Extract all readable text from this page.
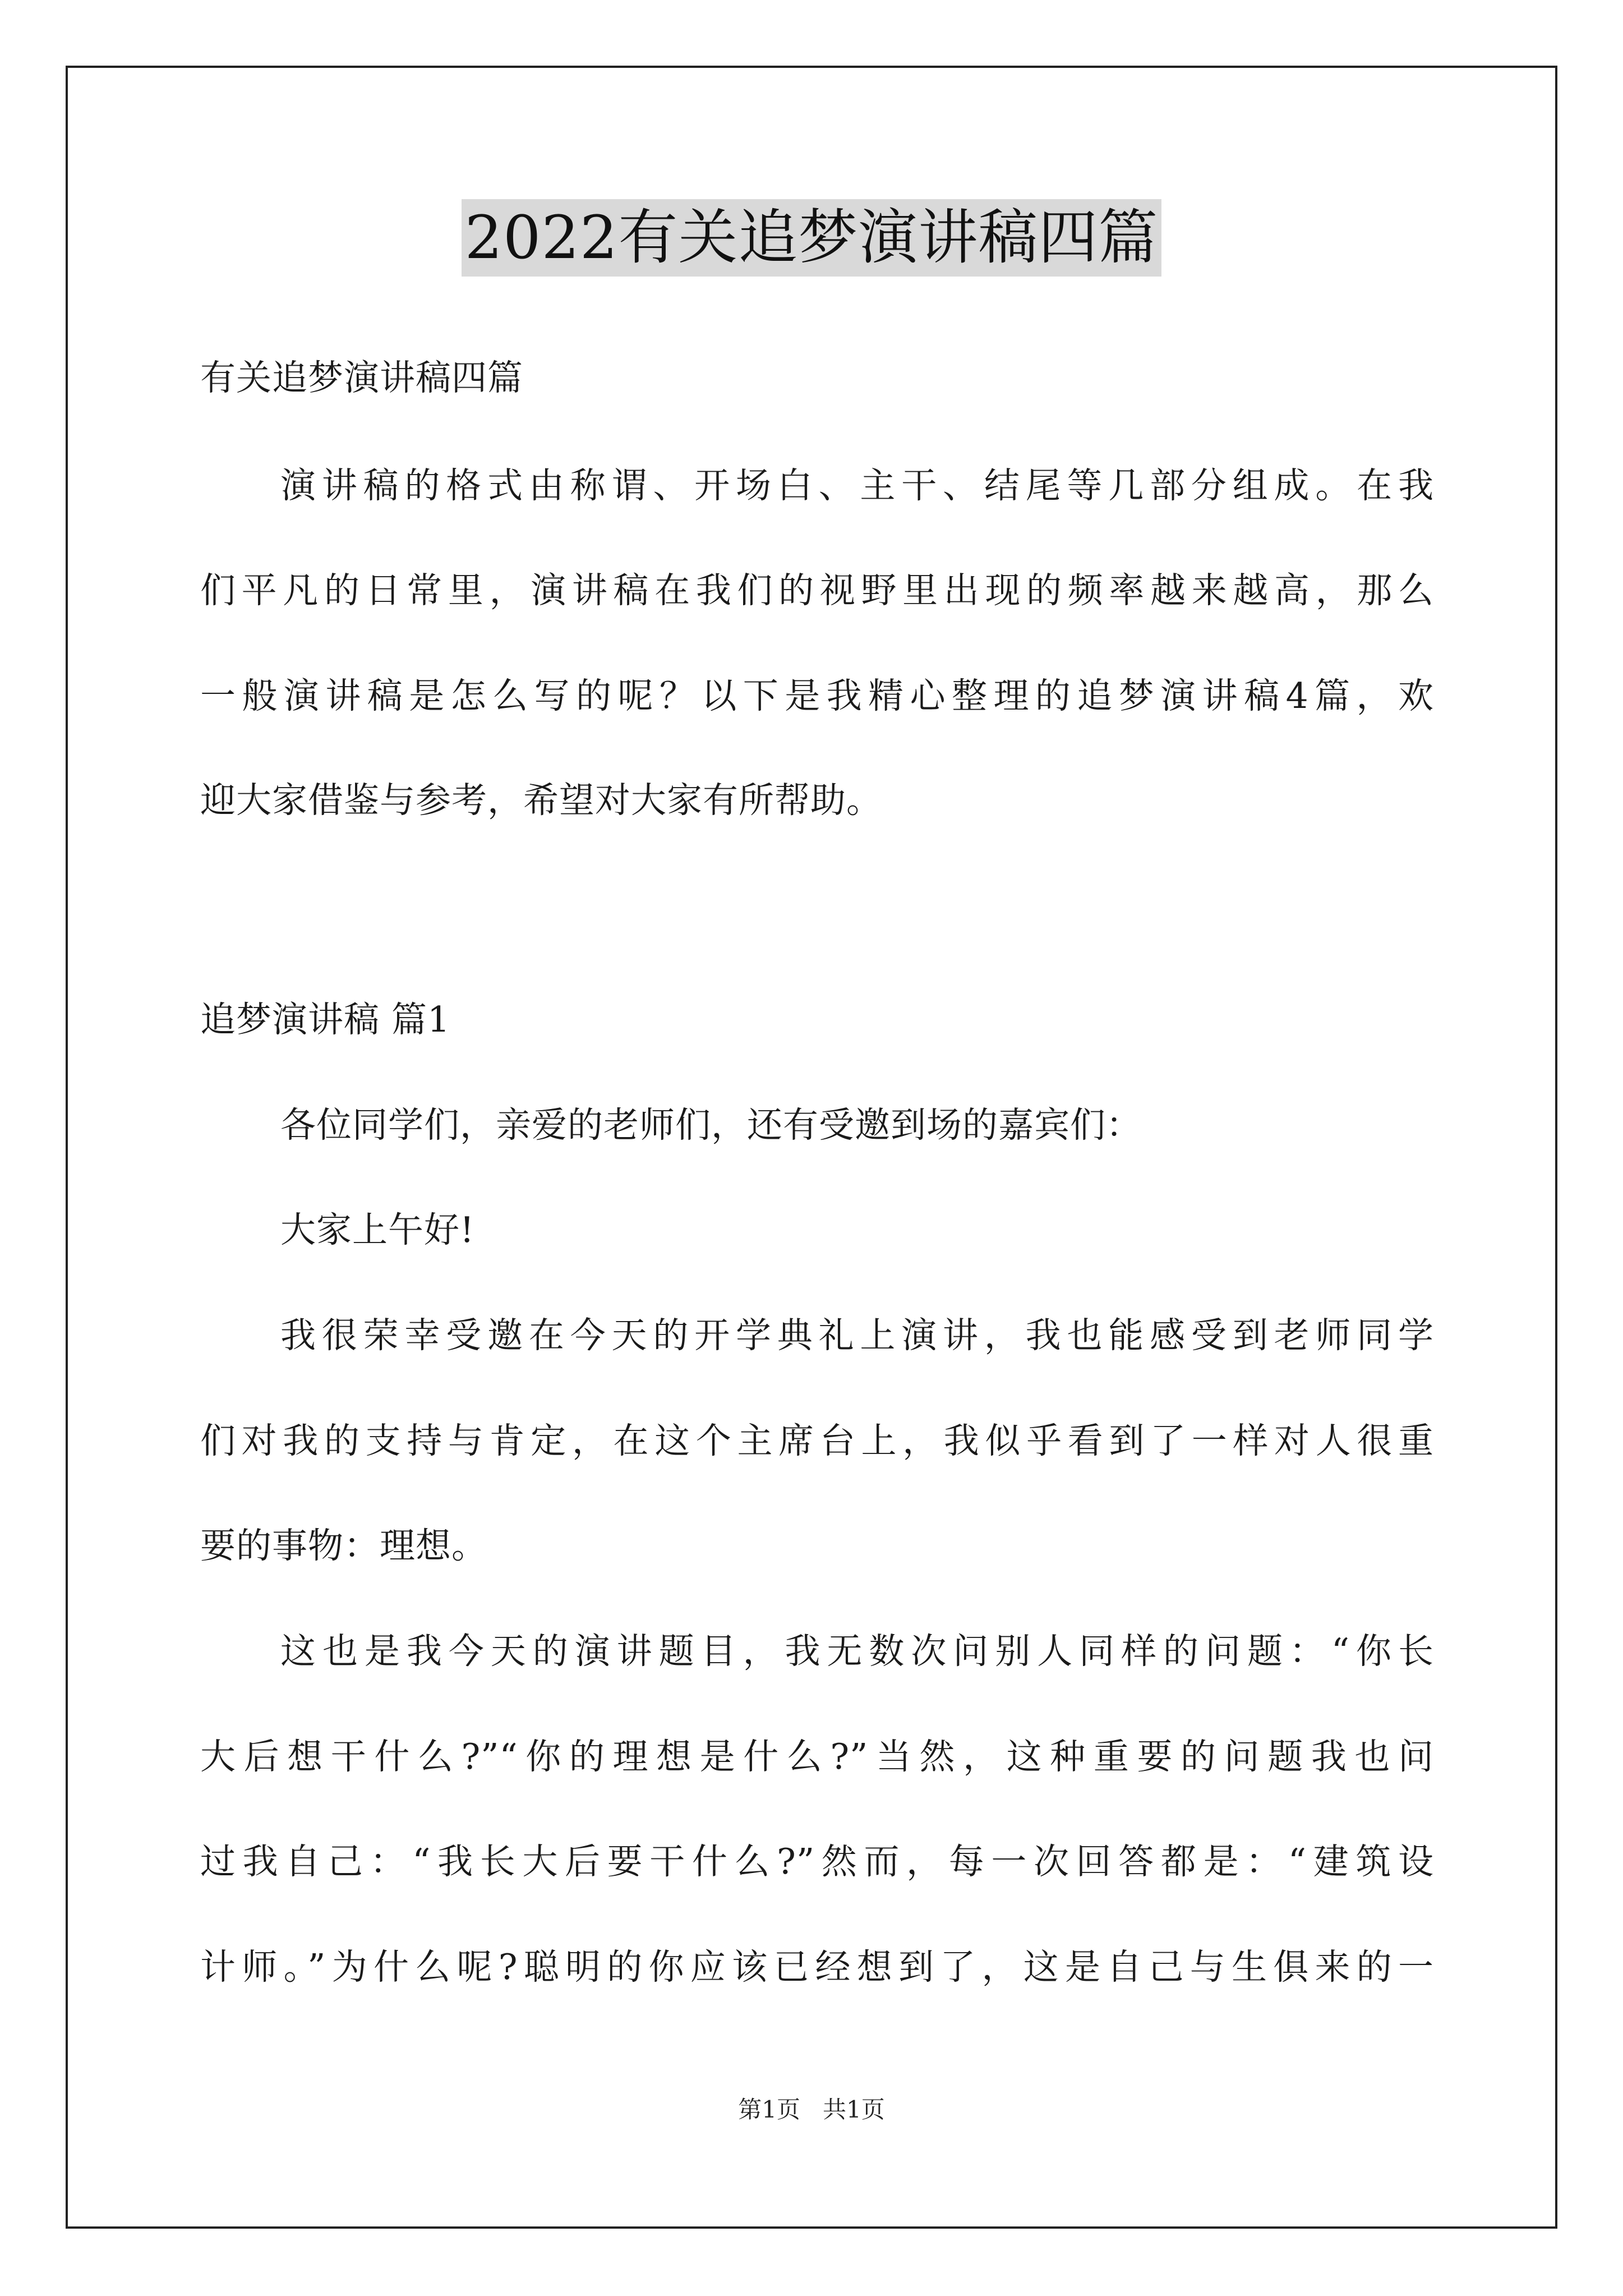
2022有关追梦演讲稿四篇
有关追梦演讲稿四篇
演讲稿的格式由称谓、开场白、主干、结尾等几部分组成。在我
们平凡的日常里，演讲稿在我们的视野里出现的频率越来越高，那么
一般演讲稿是怎么写的呢？以下是我精心整理的追梦演讲稿4篇，欢
迎大家借鉴与参考，希望对大家有所帮助。
追梦演讲稿 篇1
各位同学们，亲爱的老师们，还有受邀到场的嘉宾们：
大家上午好!
我很荣幸受邀在今天的开学典礼上演讲，我也能感受到老师同学
们对我的支持与肯定，在这个主席台上，我似乎看到了一样对人很重
要的事物：理想。
这也是我今天的演讲题目，我无数次问别人同样的问题：“你长
大后想干什么?”“你的理想是什么?”当然，这种重要的问题我也问
过我自己：“我长大后要干什么?”然而，每一次回答都是：“建筑设
计师。”为什么呢?聪明的你应该已经想到了，这是自己与生俱来的一
第1页   共1页
